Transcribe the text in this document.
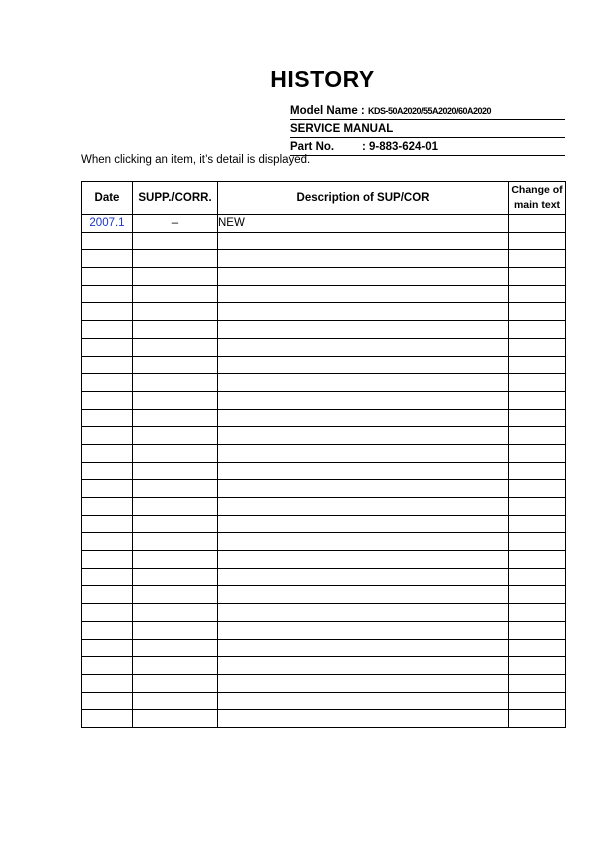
HISTORY
Model Name : KDS-50A2020/55A2020/60A2020
SERVICE MANUAL
Part No. : 9-883-624-01
When clicking an item, it’s detail is displayed.
Date	SUPP./CORR.	Description of SUP/COR	Change of
main text
2007.1	–	NEW	
